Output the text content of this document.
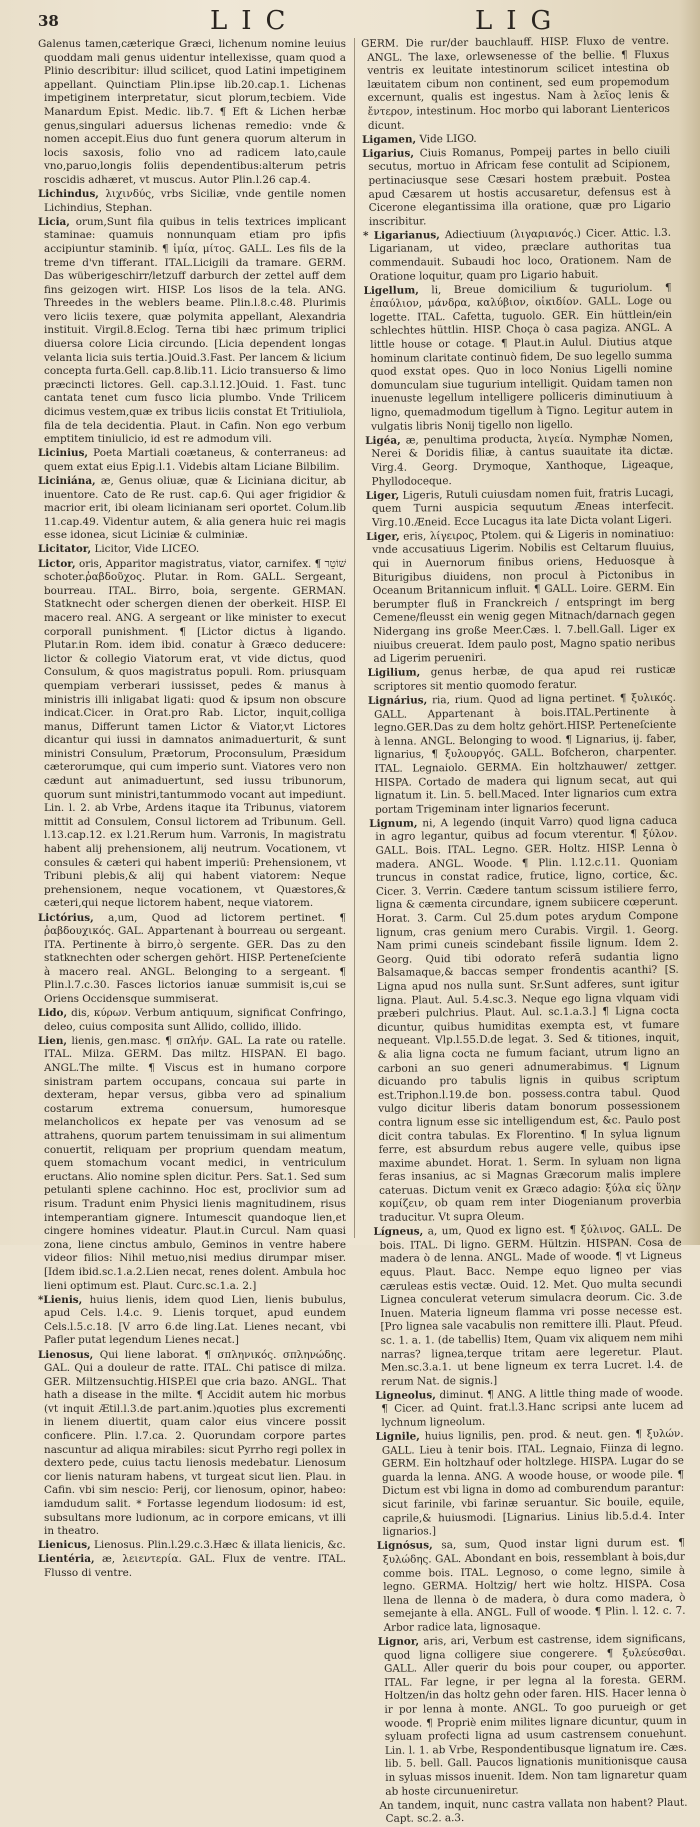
38	LIC	LIG

Galenus tamen,cæterique Græci, lichenum nomine leuius quoddam mali genus uidentur intellexisse, quam quod a Plinio describitur: illud scilicet, quod Latini impetiginem appellant. Quinctiam Plin.ipse lib.20.cap.1. Lichenas impetiginem interpretatur, sicut plorum,tecbiem. Vide Manardum Epist. Medic. lib.7. ¶ Eft & Lichen herbæ genus,singulari aduersus lichenas remedio: vnde & nomen accepit.Eius duo funt genera quorum alterum in locis saxosis, folio vno ad radicem lato,caule vno,paruo,longis foliis dependentibus:alterum petris roscidis adhæret, vt muscus. Autor Plin.l.26 cap.4.

Lichindus, λιχινδύς, vrbs Siciliæ, vnde gentile nomen Lichindius, Stephan.

Licia, orum,Sunt fila quibus in telis textrices implicant staminae: quamuis nonnunquam etiam pro ipfis accipiuntur staminib. ¶ ἰμία, μίτος. GALL. Les fils de la treme d'vn tifferant. ITAL.Licigili da tramare. GERM. Das wüberigeschirr/letzuff darburch der zettel auff dem fins geizogen wirt. HISP. Los lisos de la tela. ANG. Threedes in the weblers beame. Plin.l.8.c.48. Plurimis vero liciis texere, quæ polymita appellant, Alexandria instituit. Virgil.8.Eclog. Terna tibi hæc primum triplici diuersa colore Licia circundo. [Licia dependent longas velanta licia suis tertia.]Ouid.3.Fast. Per lancem & licium concepta furta.Gell. cap.8.lib.11. Licio transuerso & limo præcincti lictores. Gell. cap.3.l.12.]Ouid. 1. Fast. tunc cantata tenet cum fusco licia plumbo. Vnde Trilicem dicimus vestem,quæ ex tribus liciis constat Et Tritiuliola, fila de tela decidentia. Plaut. in Cafin. Non ego verbum emptitem tiniulicio, id est re admodum vili.

Licinius, Poeta Martiali coætaneus, & conterraneus: ad quem extat eius Epig.l.1. Videbis altam Liciane Bilbilim.

Liciniána, æ, Genus oliuæ, quæ & Liciniana dicitur, ab inuentore. Cato de Re rust. cap.6. Qui ager frigidior & macrior erit, ibi oleam licinianam seri oportet. Colum.lib 11.cap.49. Videntur autem, & alia genera huic rei magis esse idonea, sicut Liciniæ & culminiæ.

Licitator, Licitor, Vide LICEO.

Lictor, oris, Apparitor magistratus, viator, carnifex. ¶ שׁוֹטֵר schoter.ῥαβδοῦχος. Plutar. in Rom. GALL. Sergeant, bourreau. ITAL. Birro, boia, sergente. GERMAN. Statknecht oder schergen dienen der oberkeit. HISP. El macero real. ANG. A sergeant or like minister to execut corporall punishment. ¶ [Lictor dictus à ligando. Plutar.in Rom. idem ibid. conatur à Græco deducere: lictor & collegio Viatorum erat, vt vide dictus, quod Consulum, & quos magistratus populi. Rom. priusquam quempiam verberari iussisset, pedes & manus à ministris illi inligabat ligati: quod & ipsum non obscure indicat.Cicer. in Orat.pro Rab. Lictor, inquit,colliga manus, Differunt tamen Lictor & Viator,vt Lictores dicantur qui iussi in damnatos animaduerturit, & sunt ministri Consulum, Prætorum, Proconsulum, Præsidum cæterorumque, qui cum imperio sunt. Viatores vero non cædunt aut animaduertunt, sed iussu tribunorum, quorum sunt ministri,tantummodo vocant aut impediunt. Lin. l. 2. ab Vrbe, Ardens itaque ita Tribunus, viatorem mittit ad Consulem, Consul lictorem ad Tribunum. Gell. l.13.cap.12. ex l.21.Rerum hum. Varronis, In magistratu habent alij prehensionem, alij neutrum. Vocationem, vt consules & cæteri qui habent imperiū: Prehensionem, vt Tribuni plebis,& alij qui habent viatorem: Neque prehensionem, neque vocationem, vt Quæstores,& cæteri,qui neque lictorem habent, neque viatorem.

Lictórius, a,um, Quod ad lictorem pertinet. ¶ ῥαβδουχικός. GAL. Appartenant à bourreau ou sergeant. ITA. Pertinente à birro,ò sergente. GER. Das zu den statknechten oder schergen gehört. HISP. Perteneſciente à macero real. ANGL. Belonging to a sergeant. ¶ Plin.l.7.c.30. Fasces lictorios ianuæ summisit is,cui se Oriens Occidensque summiserat.

Lido, dis, κύρων. Verbum antiquum, significat Confringo, deleo, cuius composita sunt Allido, collido, illido.

Lien, lienis, gen.masc. ¶ σπλήν. GAL. La rate ou ratelle. ITAL. Milza. GERM. Das miltz. HISPAN. El bago. ANGL.The milte. ¶ Viscus est in humano corpore sinistram partem occupans, concaua sui parte in dexteram, hepar versus, gibba vero ad spinalium costarum extrema conuersum, humoresque melancholicos ex hepate per vas venosum ad se attrahens, quorum partem tenuissimam in sui alimentum conuertit, reliquam per proprium quendam meatum, quem stomachum vocant medici, in ventriculum eructans. Alio nomine splen dicitur. Pers. Sat.1. Sed sum petulanti splene cachinno. Hoc est, proclivior sum ad risum. Tradunt enim Physici lienis magnitudinem, risus intemperantiam gignere. Intumescit quandoque lien,et cingere homines videatur. Plaut.in Curcul. Nam quasi zona, liene cinctus ambulo, Geminos in ventre habere videor filios: Nihil metuo,nisi medius dirumpar miser. [Idem ibid.sc.1.a.2.Lien necat, renes dolent. Ambula hoc lieni optimum est. Plaut. Curc.sc.1.a. 2.]

*Lienis, huius lienis, idem quod Lien, lienis bubulus, apud Cels. l.4.c. 9. Lienis torquet, apud eundem Cels.l.5.c.18. [V arro 6.de ling.Lat. Lienes necant, vbi Pafler putat legendum Lienes necat.]

Lienosus, Qui liene laborat. ¶ σπληνικός. σπληνώδης. GAL. Qui a douleur de ratte. ITAL. Chi patisce di milza. GER. Miltzensuchtig.HISP.El que cria bazo. ANGL. That hath a disease in the milte. ¶ Accidit autem hic morbus (vt inquit Ætil.l.3.de part.anim.)quoties plus excrementi in lienem diuertit, quam calor eius vincere possit conficere. Plin. l.7.ca. 2. Quorundam corpore partes nascuntur ad aliqua mirabiles: sicut Pyrrho regi pollex in dextero pede, cuius tactu lienosis medebatur. Lienosum cor lienis naturam habens, vt turgeat sicut lien. Plau. in Cafin. vbi sim nescio: Perij, cor lienosum, opinor, habeo: iamdudum salit. * Fortasse legendum liodosum: id est, subsultans more ludionum, ac in corpore emicans, vt illi in theatro.

Lienicus, Lienosus. Plin.l.29.c.3.Hæc & illata lienicis, &c.

Lientéria, æ, λειεντερία. GAL. Flux de ventre. ITAL. Flusso di ventre.

GERM. Die rur/der bauchlauff. HISP. Fluxo de ventre. ANGL. The laxe, orlewsenesse of the bellie. ¶ Fluxus ventris ex leuitate intestinorum scilicet intestina ob læuitatem cibum non continent, sed eum propemodum excernunt, qualis est ingestus. Nam à λεῖος lenis & ἔντερον, intestinum. Hoc morbo qui laborant Lientericos dicunt.

Ligamen, Vide LIGO.

Ligarius, Ciuis Romanus, Pompeij partes in bello ciuili secutus, mortuo in Africam fese contulit ad Scipionem, pertinaciusque sese Cæsari hostem præbuit. Postea apud Cæsarem ut hostis accusaretur, defensus est à Cicerone elegantissima illa oratione, quæ pro Ligario inscribitur.

* Ligarianus, Adiectiuum (λιγαριανός.) Cicer. Attic. l.3. Ligarianam, ut video, præclare authoritas tua commendauit. Subaudi hoc loco, Orationem. Nam de Oratione loquitur, quam pro Ligario habuit.

Ligellum, li, Breue domicilium & tuguriolum. ¶ ἐπαύλιον, μάνδρα, καλύβιον, οἰκιδίον. GALL. Loge ou logette. ITAL. Cafetta, tuguolo. GER. Ein hüttlein/ein schlechtes hüttlin. HISP. Choça ò casa pagiza. ANGL. A little house or cotage. ¶ Plaut.in Aulul. Diutius atque hominum claritate continuò fidem, De suo legello summa quod exstat opes. Quo in loco Nonius Ligelli nomine domunculam siue tugurium intelligit. Quidam tamen non inuenuste legellum intelligere polliceris diminutiuum à ligno, quemadmodum tigellum à Tigno. Legitur autem in vulgatis libris Nonij tigello non ligello.

Ligéa, æ, penultima producta, λιγεία. Nymphæ Nomen, Nerei & Doridis filiæ, à cantus suauitate ita dictæ. Virg.4. Georg. Drymoque, Xanthoque, Ligeaque, Phyllodoceque.

Liger, Ligeris, Rutuli cuiusdam nomen fuit, fratris Lucagi, quem Turni auspicia sequutum Æneas interfecit. Virg.10.Æneid. Ecce Lucagus ita late Dicta volant Ligeri.

Liger, eris, λίγειρος, Ptolem. qui & Ligeris in nominatiuo: vnde accusatiuus Ligerim. Nobilis est Celtarum fluuius, qui in Auernorum finibus oriens, Heduosque à Biturigibus diuidens, non procul à Pictonibus in Oceanum Britannicum influit. ¶ GALL. Loire. GERM. Ein berumpter fluß in Franckreich / entspringt im berg Cemene/fleusst ein wenig gegen Mitnach/darnach gegen Nidergang ins große Meer.Cæs. l. 7.bell.Gall. Liger ex niuibus creuerat. Idem paulo post, Magno spatio neribus ad Ligerim perueniri.

Ligilium, genus herbæ, de qua apud rei rusticæ scriptores sit mentio quomodo feratur.

Lignárius, ria, rium. Quod ad ligna pertinet. ¶ ξυλικός. GALL. Appartenant à bois.ITAL.Pertinente à legno.GER.Das zu dem holtz gehört.HISP. Perteneſciente à lenna. ANGL. Belonging to wood. ¶ Lignarius, ij. faber, lignarius, ¶ ξυλουργός. GALL. Bofcheron, charpenter. ITAL. Legnaiolo. GERMA. Ein holtzhauwer/ zettger. HISPA. Cortado de madera qui lignum secat, aut qui lignatum it. Lin. 5. bell.Maced. Inter lignarios cum extra portam Trigeminam inter lignarios fecerunt.

Lignum, ni, A legendo (inquit Varro) quod ligna caduca in agro legantur, quibus ad focum vterentur. ¶ ξύλον. GALL. Bois. ITAL. Legno. GER. Holtz. HISP. Lenna ò madera. ANGL. Woode. ¶ Plin. l.12.c.11. Quoniam truncus in constat radice, frutice, ligno, cortice, &c. Cicer. 3. Verrin. Cædere tantum scissum istiliere ferro, ligna & cæmenta circundare, ignem subiicere cœperunt. Horat. 3. Carm. Cul 25.dum potes arydum Compone lignum, cras genium mero Curabis. Virgil. 1. Georg. Nam primi cuneis scindebant fissile lignum. Idem 2. Georg. Quid tibi odorato referā sudantia ligno Balsamaque,& baccas semper frondentis acanthi? [S. Ligna apud nos nulla sunt. Sr.Sunt adferes, sunt igitur ligna. Plaut. Aul. 5.4.sc.3. Neque ego ligna vlquam vidi præberi pulchrius. Plaut. Aul. sc.1.a.3.] ¶ Ligna cocta dicuntur, quibus humiditas exempta est, vt fumare nequeant. Vlp.l.55.D.de legat. 3. Sed & titiones, inquit, & alia ligna cocta ne fumum faciant, utrum ligno an carboni an suo generi adnumerabimus. ¶ Lignum dicuando pro tabulis lignis in quibus scriptum est.Triphon.l.19.de bon. possess.contra tabul. Quod vulgo dicitur liberis datam bonorum possessionem contra lignum esse sic intelligendum est, &c. Paulo post dicit contra tabulas. Ex Florentino. ¶ In sylua lignum ferre, est absurdum rebus augere velle, quibus ipse maxime abundet. Horat. 1. Serm. In syluam non ligna feras insanius, ac si Magnas Græcorum malis implere cateruas. Dictum venit ex Græco adagio: ξύλα εἰς ὕλην κομίζειν, ob quam rem inter Diogenianum proverbia traducitur. Vt supra Oleum.

Lígneus, a, um, Quod ex ligno est. ¶ ξύλινος. GALL. De bois. ITAL. Di ligno. GERM. Hültzin. HISPAN. Cosa de madera ò de lenna. ANGL. Made of woode. ¶ vt Ligneus equus. Plaut. Bacc. Nempe equo ligneo per vias cæruleas estis vectæ. Ouid. 12. Met. Quo multa secundi Lignea conculerat veterum simulacra deorum. Cic. 3.de Inuen. Materia ligneum flamma vri posse necesse est. [Pro lignea sale vacabulis non remittere illi. Plaut. Pfeud. sc. 1. a. 1. (de tabellis) Item, Quam vix aliquem nem mihi narras? lignea,terque tritam aere legeretur. Plaut. Men.sc.3.a.1. ut bene ligneum ex terra Lucret. l.4. de rerum Nat. de signis.]

Ligneolus, diminut. ¶ ANG. A little thing made of woode. ¶ Cicer. ad Quint. frat.l.3.Hanc scripsi ante lucem ad lychnum ligneolum.

Lignile, huius lignilis, pen. prod. & neut. gen. ¶ ξυλών. GALL. Lieu à tenir bois. ITAL. Legnaio, Fiinza di legno. GERM. Ein holtzhauf oder holtzlege. HISPA. Lugar do se guarda la lenna. ANG. A woode house, or woode pile. ¶ Dictum est vbi ligna in domo ad comburendum parantur: sicut farinile, vbi farinæ seruantur. Sic bouile, equile, caprile,& huiusmodi. [Lignarius. Linius lib.5.d.4. Inter lignarios.]

Lignósus, sa, sum, Quod instar ligni durum est. ¶ ξυλώδης. GAL. Abondant en bois, ressemblant à bois,dur comme bois. ITAL. Legnoso, o come legno, simile à legno. GERMA. Holtzig/ hert wie holtz. HISPA. Cosa llena de llenna ò de madera, ò dura como madera, ò semejante à ella. ANGL. Full of woode. ¶ Plin. l. 12. c. 7. Arbor radice lata, lignosaque.

Lignor, aris, ari, Verbum est castrense, idem significans, quod ligna colligere siue congerere. ¶ ξυλεύεσθαι. GALL. Aller querir du bois pour couper, ou apporter. ITAL. Far legne, ir per legna al la foresta. GERM. Holtzen/in das holtz gehn oder faren. HIS. Hacer lenna ò ir por lenna à monte. ANGL. To goo purueigh or get woode. ¶ Propriè enim milites lignare dicuntur, quum in syluam profecti ligna ad usum castrensem conuehunt. Lin. l. 1. ab Vrbe, Respondentibusque lignatum ire. Cæs. lib. 5. bell. Gall. Paucos lignationis munitionisque causa in syluas missos inuenit. Idem. Non tam lignaretur quam ab hoste circunueniretur.

An tandem, inquit, nunc castra vallata non habent? Plaut. Capt. sc.2. a.3.
